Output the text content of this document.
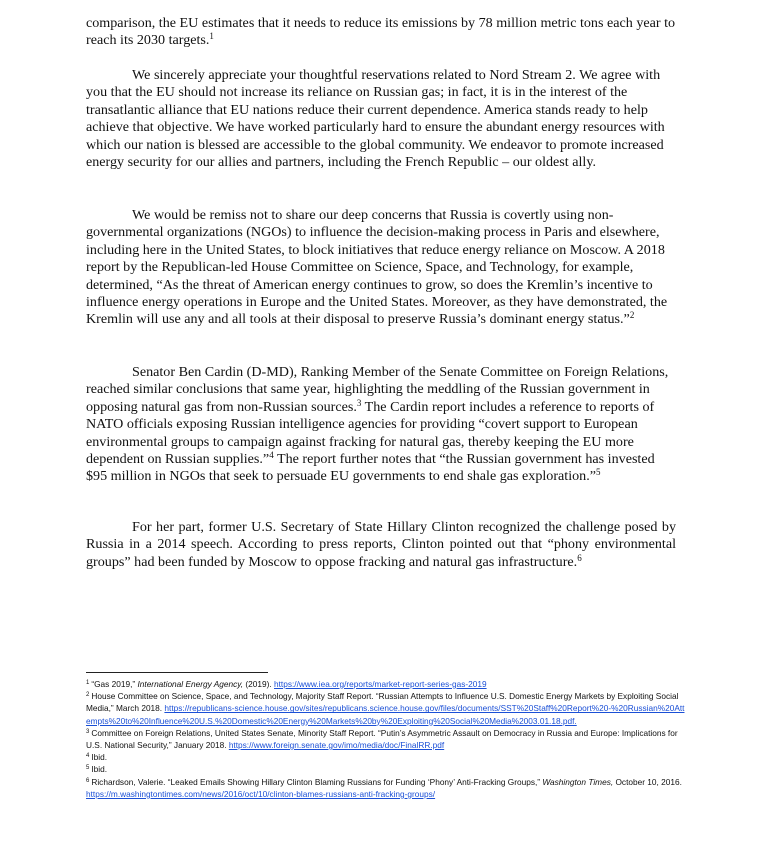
comparison, the EU estimates that it needs to reduce its emissions by 78 million metric tons each year to reach its 2030 targets.$^1$

We sincerely appreciate your thoughtful reservations related to Nord Stream 2. We agree with you that the EU should not increase its reliance on Russian gas; in fact, it is in the interest of the transatlantic alliance that EU nations reduce their current dependence. America stands ready to help achieve that objective. We have worked particularly hard to ensure the abundant energy resources with which our nation is blessed are accessible to the global community. We endeavor to promote increased energy security for our allies and partners, including the French Republic – our oldest ally.

We would be remiss not to share our deep concerns that Russia is covertly using non-governmental organizations (NGOs) to influence the decision-making process in Paris and elsewhere, including here in the United States, to block initiatives that reduce energy reliance on Moscow. A 2018 report by the Republican-led House Committee on Science, Space, and Technology, for example, determined, “As the threat of American energy continues to grow, so does the Kremlin’s incentive to influence energy operations in Europe and the United States. Moreover, as they have demonstrated, the Kremlin will use any and all tools at their disposal to preserve Russia’s dominant energy status.”$^2$

Senator Ben Cardin (D-MD), Ranking Member of the Senate Committee on Foreign Relations, reached similar conclusions that same year, highlighting the meddling of the Russian government in opposing natural gas from non-Russian sources.$^3$ The Cardin report includes a reference to reports of NATO officials exposing Russian intelligence agencies for providing “covert support to European environmental groups to campaign against fracking for natural gas, thereby keeping the EU more dependent on Russian supplies.”$^4$ The report further notes that “the Russian government has invested $95 million in NGOs that seek to persuade EU governments to end shale gas exploration.”$^5$

For her part, former U.S. Secretary of State Hillary Clinton recognized the challenge posed by Russia in a 2014 speech. According to press reports, Clinton pointed out that “phony environmental groups” had been funded by Moscow to oppose fracking and natural gas infrastructure.$^6$

$^1$ “Gas 2019,” International Energy Agency, (2019). https://www.iea.org/reports/market-report-series-gas-2019

$^2$ House Committee on Science, Space, and Technology, Majority Staff Report. “Russian Attempts to Influence U.S. Domestic Energy Markets by Exploiting Social Media,” March 2018. https://republicans-science.house.gov/sites/republicans.science.house.gov/files/documents/SST%20Staff%20Report%20-%20Russian%20Attempts%20to%20Influence%20U.S.%20Domestic%20Energy%20Markets%20by%20Exploiting%20Social%20Media%2003.01.18.pdf.

$^3$ Committee on Foreign Relations, United States Senate, Minority Staff Report. “Putin’s Asymmetric Assault on Democracy in Russia and Europe: Implications for U.S. National Security,” January 2018. https://www.foreign.senate.gov/imo/media/doc/FinalRR.pdf

$^4$ Ibid.

$^5$ Ibid.

$^6$ Richardson, Valerie. “Leaked Emails Showing Hillary Clinton Blaming Russians for Funding ‘Phony’ Anti-Fracking Groups,” Washington Times, October 10, 2016. https://m.washingtontimes.com/news/2016/oct/10/clinton-blames-russians-anti-fracking-groups/
